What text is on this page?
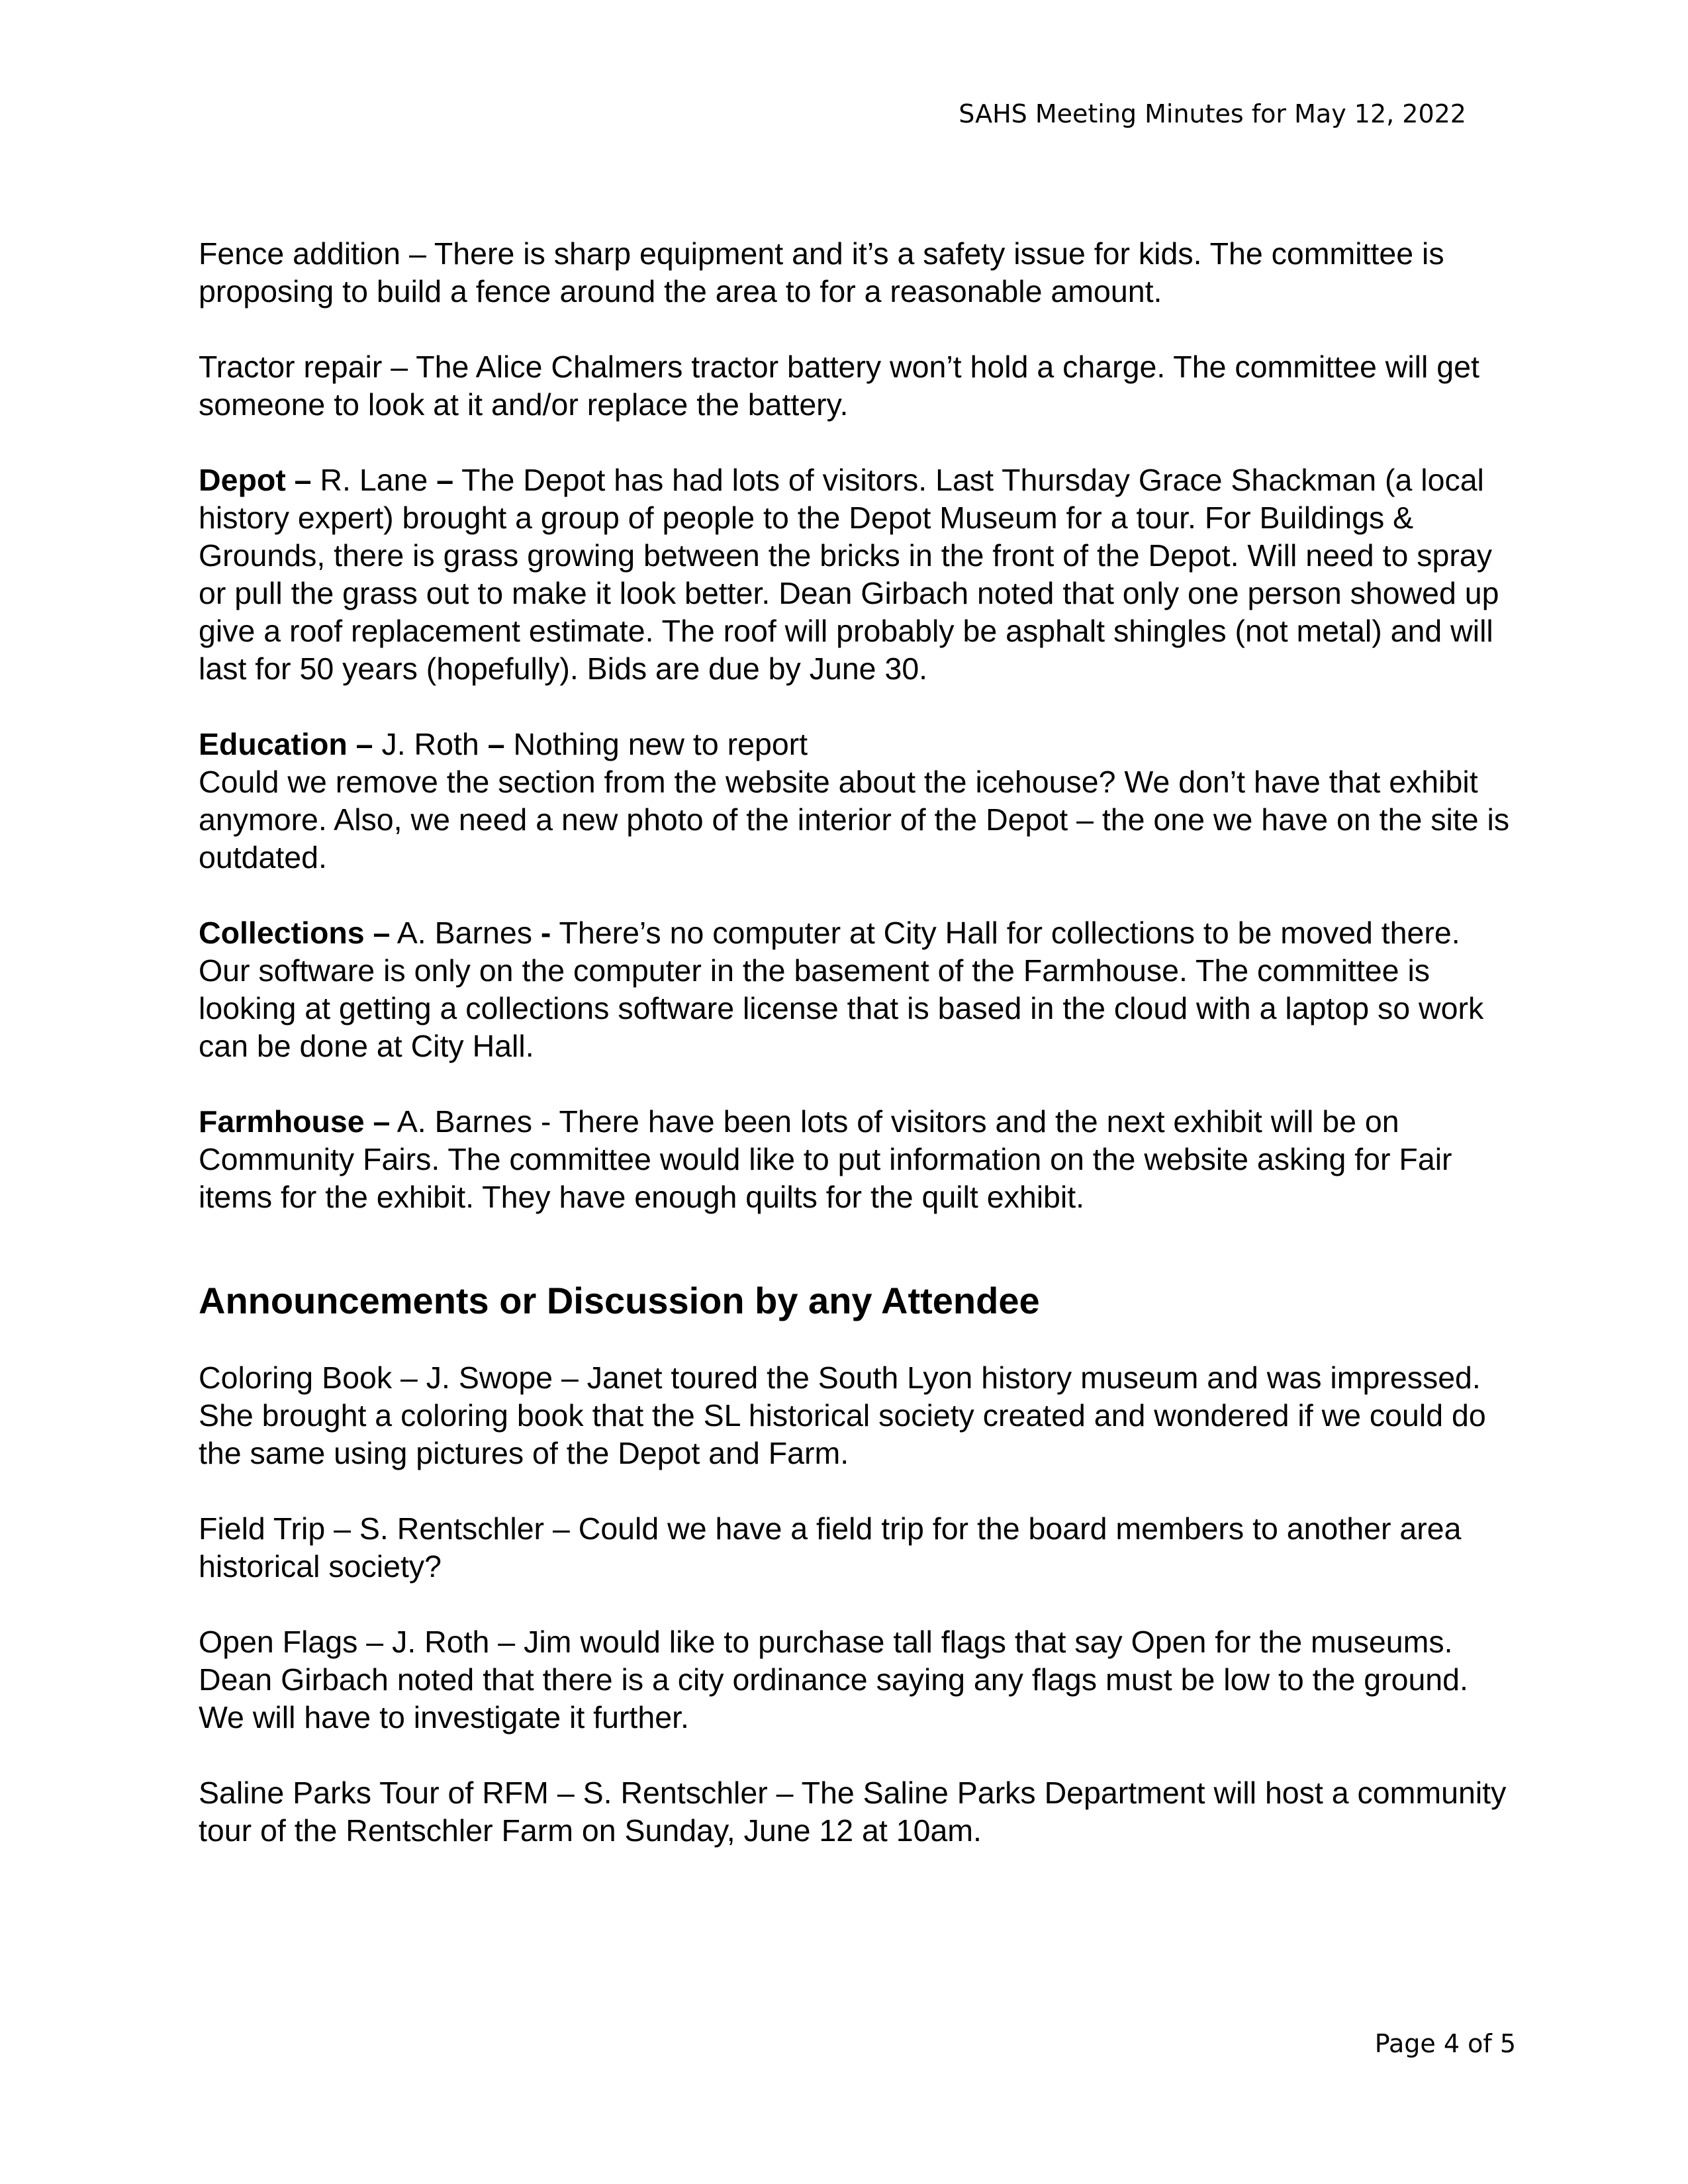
SAHS Meeting Minutes for May 12, 2022

Fence addition – There is sharp equipment and it’s a safety issue for kids. The committee is proposing to build a fence around the area to for a reasonable amount.

Tractor repair – The Alice Chalmers tractor battery won’t hold a charge. The committee will get someone to look at it and/or replace the battery.

Depot – R. Lane – The Depot has had lots of visitors. Last Thursday Grace Shackman (a local history expert) brought a group of people to the Depot Museum for a tour. For Buildings & Grounds, there is grass growing between the bricks in the front of the Depot. Will need to spray or pull the grass out to make it look better. Dean Girbach noted that only one person showed up give a roof replacement estimate. The roof will probably be asphalt shingles (not metal) and will last for 50 years (hopefully). Bids are due by June 30.

Education – J. Roth – Nothing new to report

Could we remove the section from the website about the icehouse? We don’t have that exhibit anymore. Also, we need a new photo of the interior of the Depot – the one we have on the site is outdated.

Collections – A. Barnes - There’s no computer at City Hall for collections to be moved there. Our software is only on the computer in the basement of the Farmhouse. The committee is looking at getting a collections software license that is based in the cloud with a laptop so work can be done at City Hall.

Farmhouse – A. Barnes - There have been lots of visitors and the next exhibit will be on Community Fairs. The committee would like to put information on the website asking for Fair items for the exhibit. They have enough quilts for the quilt exhibit.

Announcements or Discussion by any Attendee

Coloring Book – J. Swope – Janet toured the South Lyon history museum and was impressed. She brought a coloring book that the SL historical society created and wondered if we could do the same using pictures of the Depot and Farm.

Field Trip – S. Rentschler – Could we have a field trip for the board members to another area historical society?

Open Flags – J. Roth – Jim would like to purchase tall flags that say Open for the museums. Dean Girbach noted that there is a city ordinance saying any flags must be low to the ground. We will have to investigate it further.

Saline Parks Tour of RFM – S. Rentschler – The Saline Parks Department will host a community tour of the Rentschler Farm on Sunday, June 12 at 10am.

Page 4 of 5
